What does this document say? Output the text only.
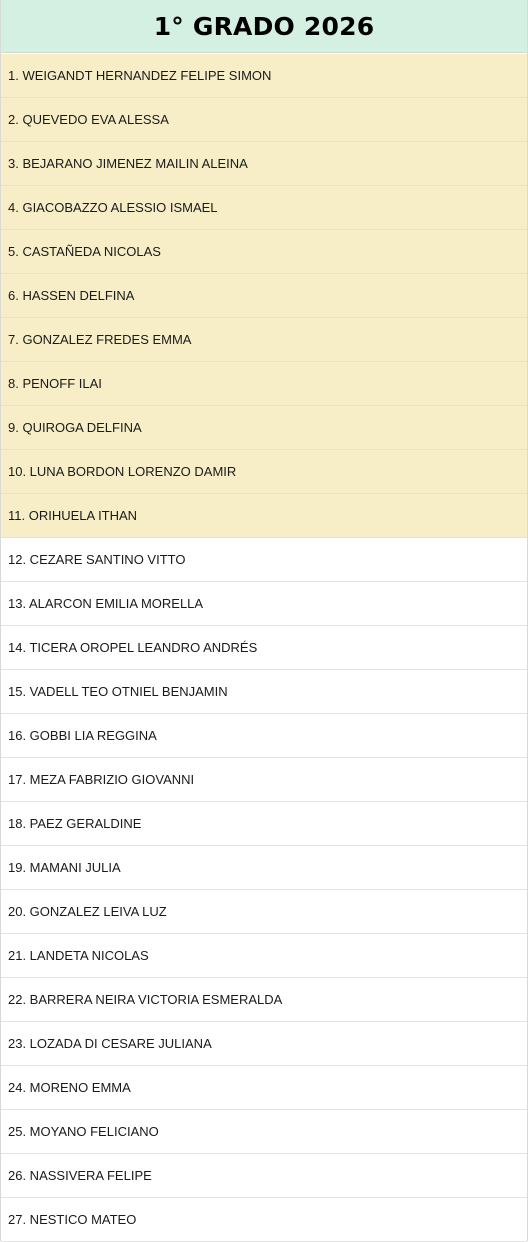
1° GRADO 2026
1. WEIGANDT HERNANDEZ FELIPE SIMON
2. QUEVEDO EVA ALESSA
3. BEJARANO JIMENEZ MAILIN ALEINA
4. GIACOBAZZO ALESSIO ISMAEL
5. CASTAÑEDA NICOLAS
6. HASSEN DELFINA
7. GONZALEZ FREDES EMMA
8. PENOFF ILAI
9. QUIROGA DELFINA
10. LUNA BORDON LORENZO DAMIR
11. ORIHUELA ITHAN
12. CEZARE SANTINO VITTO
13. ALARCON EMILIA MORELLA
14. TICERA OROPEL LEANDRO ANDRÉS
15. VADELL TEO OTNIEL BENJAMIN
16. GOBBI LIA REGGINA
17. MEZA FABRIZIO GIOVANNI
18. PAEZ GERALDINE
19. MAMANI JULIA
20. GONZALEZ LEIVA LUZ
21. LANDETA NICOLAS
22. BARRERA NEIRA VICTORIA ESMERALDA
23. LOZADA DI CESARE JULIANA
24. MORENO EMMA
25. MOYANO FELICIANO
26. NASSIVERA FELIPE
27. NESTICO MATEO
